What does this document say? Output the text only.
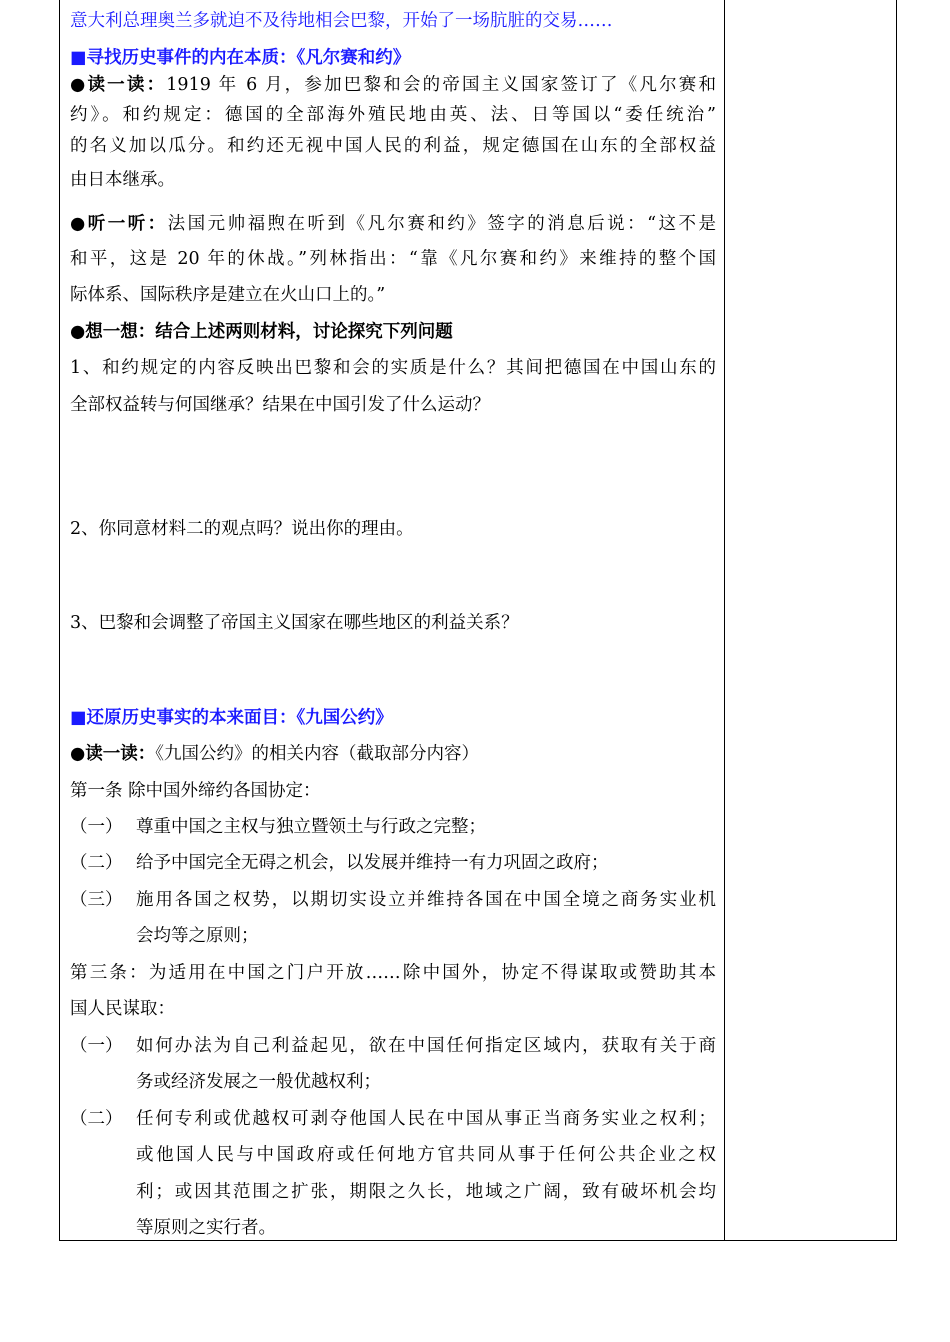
意大利总理奥兰多就迫不及待地相会巴黎，开始了一场肮脏的交易……
■寻找历史事件的内在本质：《凡尔赛和约》
●读一读：1919 年 6 月，参加巴黎和会的帝国主义国家签订了《凡尔赛和
约》。和约规定：德国的全部海外殖民地由英、法、日等国以“委任统治”
的名义加以瓜分。和约还无视中国人民的利益，规定德国在山东的全部权益
由日本继承。
●听一听：法国元帅福煦在听到《凡尔赛和约》签字的消息后说：“这不是
和平，这是 20 年的休战。”列林指出：“靠《凡尔赛和约》来维持的整个国
际体系、国际秩序是建立在火山口上的。”
●想一想：结合上述两则材料，讨论探究下列问题
1、和约规定的内容反映出巴黎和会的实质是什么？其间把德国在中国山东的
全部权益转与何国继承？结果在中国引发了什么运动？
2、你同意材料二的观点吗？说出你的理由。
3、巴黎和会调整了帝国主义国家在哪些地区的利益关系？
■还原历史事实的本来面目：《九国公约》
●读一读：《九国公约》的相关内容（截取部分内容）
第一条 除中国外缔约各国协定：
（一） 尊重中国之主权与独立暨领土与行政之完整；
（二） 给予中国完全无碍之机会，以发展并维持一有力巩固之政府；
（三） 施用各国之权势，以期切实设立并维持各国在中国全境之商务实业机
会均等之原则；
第三条：为适用在中国之门户开放……除中国外，协定不得谋取或赞助其本
国人民谋取：
（一） 如何办法为自己利益起见，欲在中国任何指定区域内，获取有关于商
务或经济发展之一般优越权利；
（二） 任何专利或优越权可剥夺他国人民在中国从事正当商务实业之权利；
或他国人民与中国政府或任何地方官共同从事于任何公共企业之权
利；或因其范围之扩张，期限之久长，地域之广阔，致有破坏机会均
等原则之实行者。
